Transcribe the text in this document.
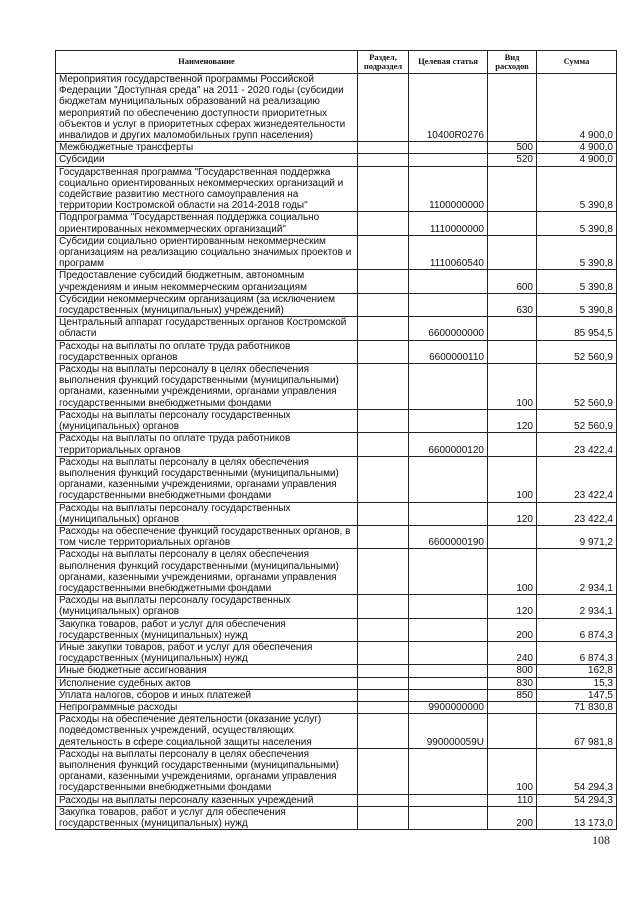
Наименование	Раздел, подраздел	Целевая статья	Вид расходов	Сумма
Мероприятия государственной программы Российской Федерации "Доступная среда" на 2011 - 2020 годы (субсидии бюджетам муниципальных образований на реализацию мероприятий по обеспечению доступности приоритетных объектов и услуг в приоритетных сферах жизнедеятельности инвалидов и других маломобильных групп населения)		10400R0276		4 900,0
Межбюджетные трансферты			500	4 900,0
Субсидии			520	4 900,0
Государственная программа "Государственная поддержка социально ориентированных некоммерческих организаций и содействие развитию местного самоуправления на территории Костромской области на 2014-2018 годы"		1100000000		5 390,8
Подпрограмма "Государственная поддержка социально ориентированных некоммерческих организаций"		1110000000		5 390,8
Субсидии социально ориентированным некоммерческим организациям на реализацию социально значимых проектов и программ		1110060540		5 390,8
Предоставление субсидий бюджетным, автономным учреждениям и иным некоммерческим организациям			600	5 390,8
Субсидии некоммерческим организациям (за исключением государственных (муниципальных) учреждений)			630	5 390,8
Центральный аппарат государственных органов Костромской области		6600000000		85 954,5
Расходы на выплаты по оплате труда работников государственных органов		6600000110		52 560,9
Расходы на выплаты персоналу в целях обеспечения выполнения функций государственными (муниципальными) органами, казенными учреждениями, органами управления государственными внебюджетными фондами			100	52 560,9
Расходы на выплаты персоналу государственных (муниципальных) органов			120	52 560,9
Расходы на выплаты по оплате труда работников территориальных органов		6600000120		23 422,4
Расходы на выплаты персоналу в целях обеспечения выполнения функций государственными (муниципальными) органами, казенными учреждениями, органами управления государственными внебюджетными фондами			100	23 422,4
Расходы на выплаты персоналу государственных (муниципальных) органов			120	23 422,4
Расходы на обеспечение функций государственных органов, в том числе территориальных органов		6600000190		9 971,2
Расходы на выплаты персоналу в целях обеспечения выполнения функций государственными (муниципальными) органами, казенными учреждениями, органами управления государственными внебюджетными фондами			100	2 934,1
Расходы на выплаты персоналу государственных (муниципальных) органов			120	2 934,1
Закупка товаров, работ и услуг для обеспечения государственных (муниципальных) нужд			200	6 874,3
Иные закупки товаров, работ и услуг для обеспечения государственных (муниципальных) нужд			240	6 874,3
Иные бюджетные ассигнования			800	162,8
Исполнение судебных актов			830	15,3
Уплата налогов, сборов и иных платежей			850	147,5
Непрограммные расходы		9900000000		71 830,8
Расходы на обеспечение деятельности (оказание услуг) подведомственных учреждений, осуществляющих деятельность в сфере социальной защиты населения		990000059U		67 981,8
Расходы на выплаты персоналу в целях обеспечения выполнения функций государственными (муниципальными) органами, казенными учреждениями, органами управления государственными внебюджетными фондами			100	54 294,3
Расходы на выплаты персоналу казенных учреждений			110	54 294,3
Закупка товаров, работ и услуг для обеспечения государственных (муниципальных) нужд			200	13 173,0
108
